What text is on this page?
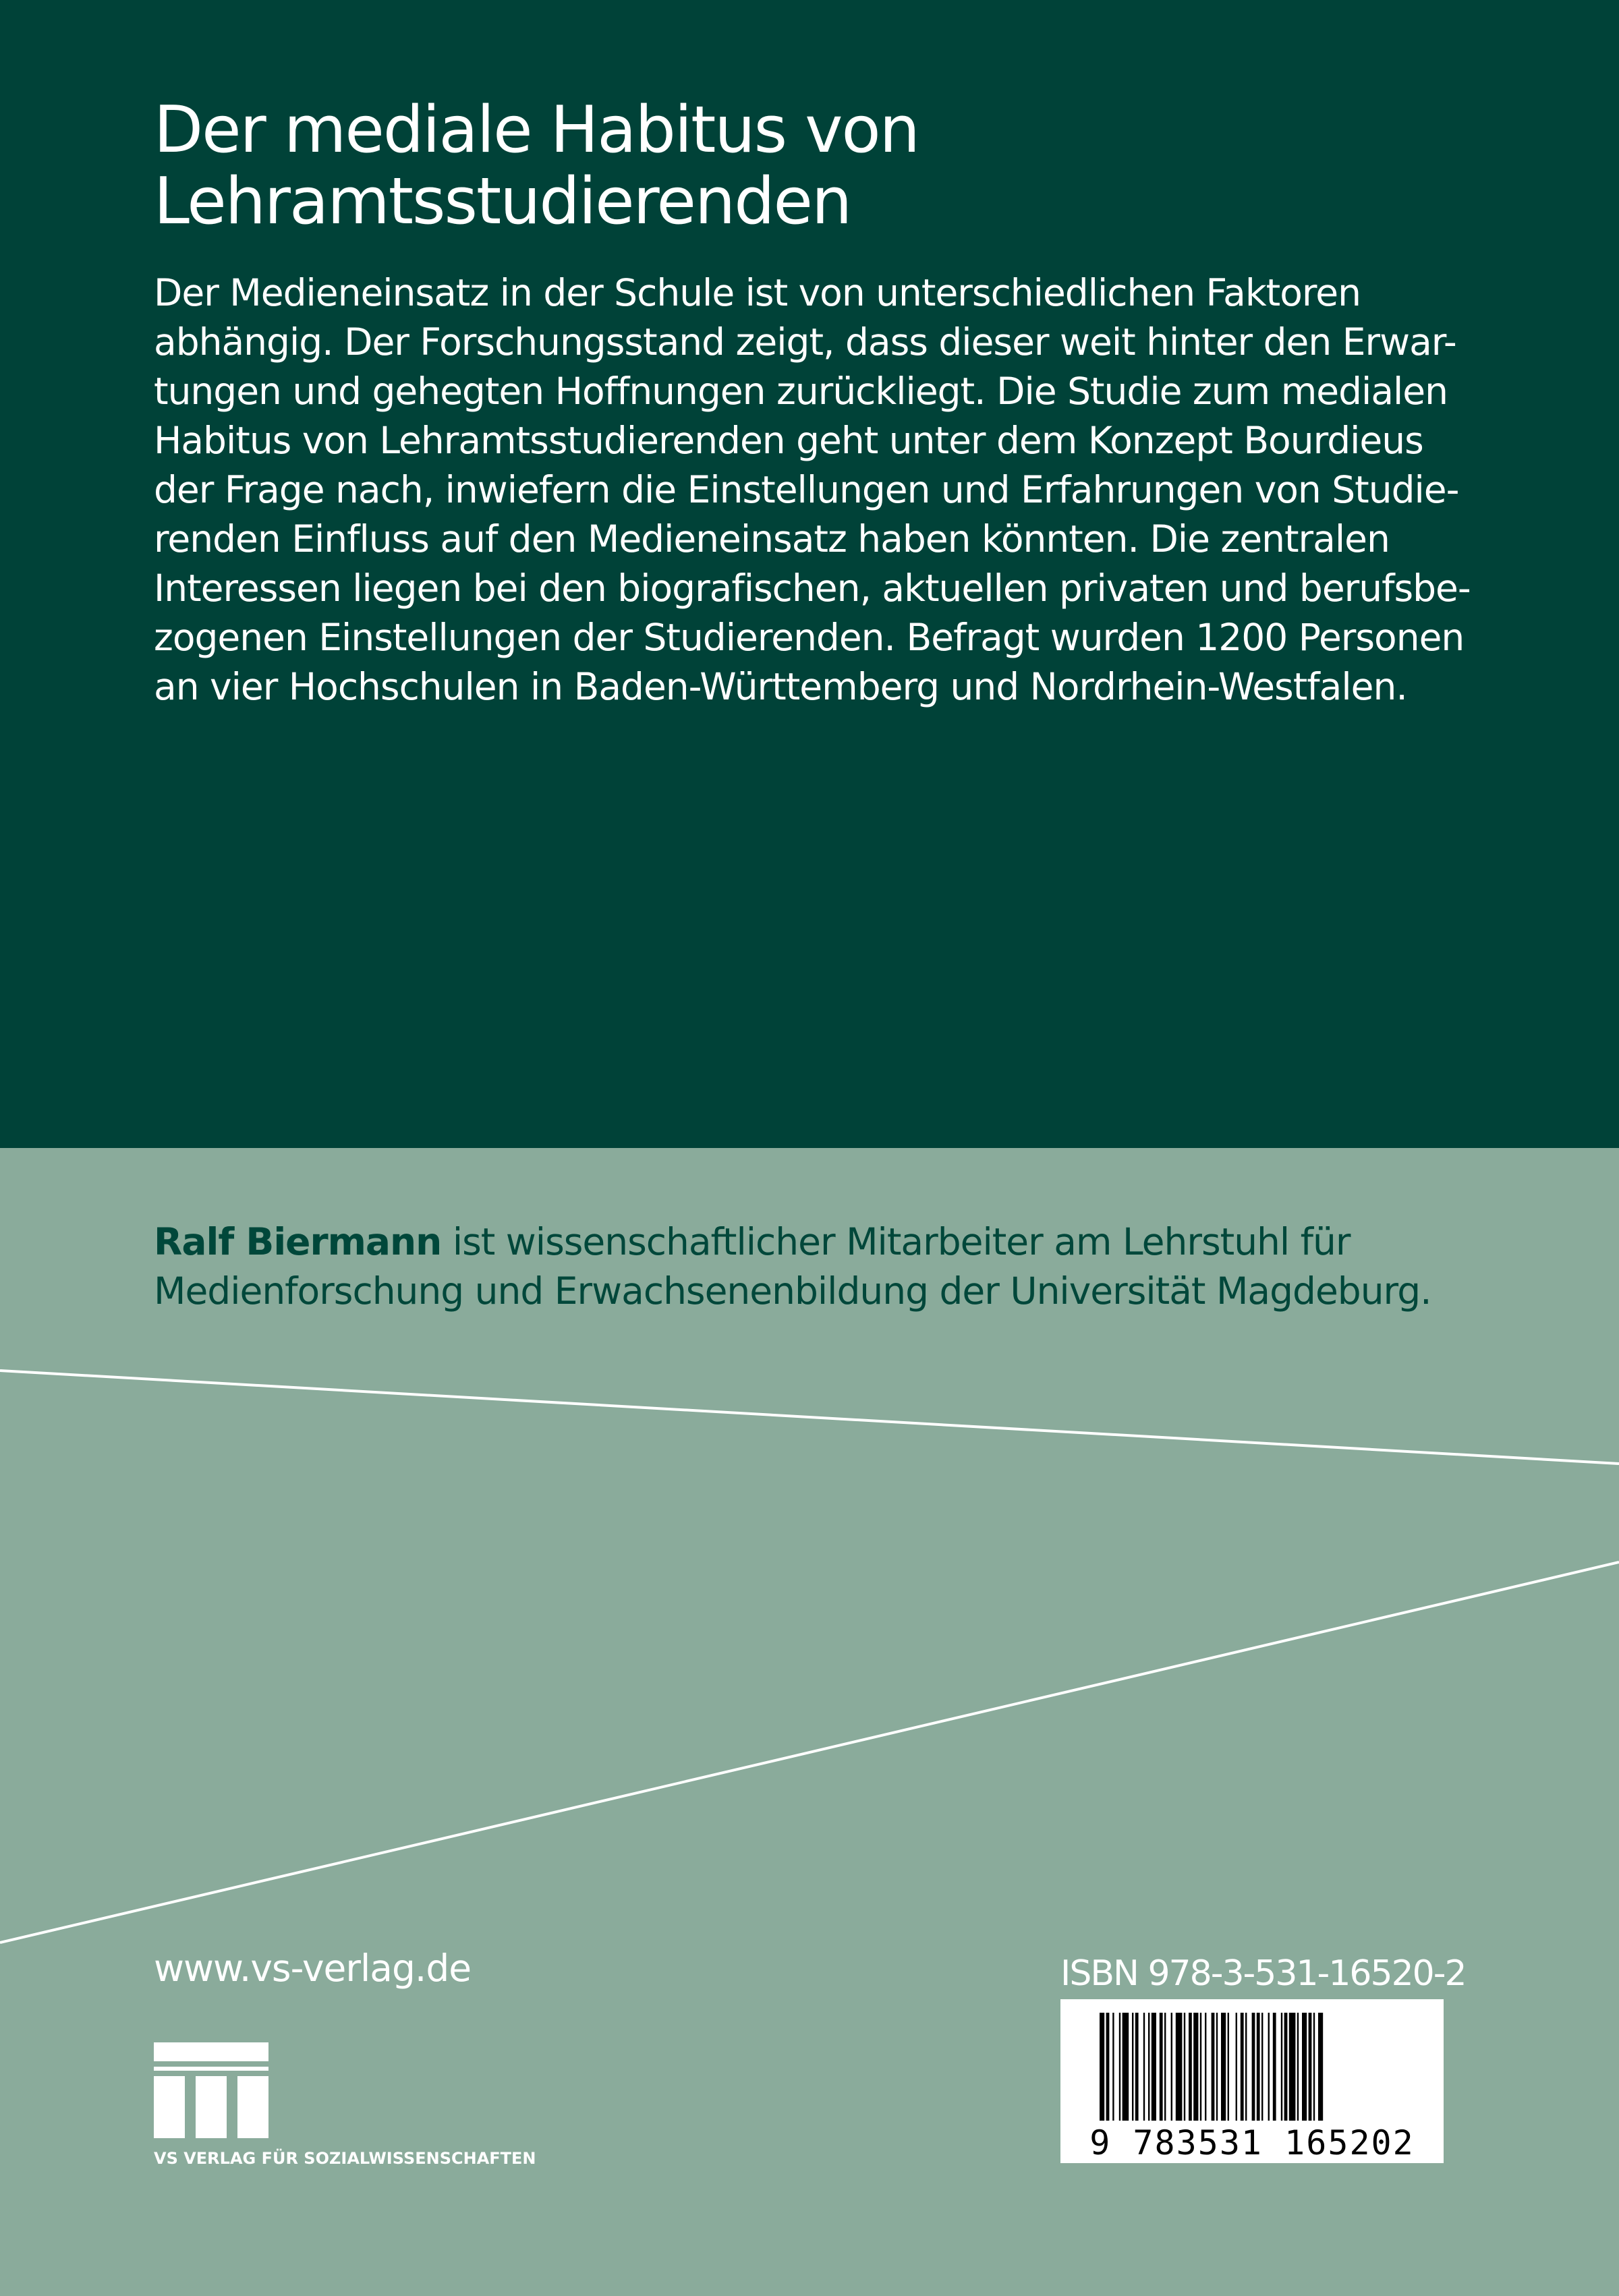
Der mediale Habitus von
Lehramtsstudierenden
Der Medieneinsatz in der Schule ist von unterschiedlichen Faktoren
abhängig. Der Forschungsstand zeigt, dass dieser weit hinter den Erwar-
tungen und gehegten Hoffnungen zurückliegt. Die Studie zum medialen
Habitus von Lehramtsstudierenden geht unter dem Konzept Bourdieus
der Frage nach, inwiefern die Einstellungen und Erfahrungen von Studie-
renden Einfluss auf den Medieneinsatz haben könnten. Die zentralen
Interessen liegen bei den biografischen, aktuellen privaten und berufsbe-
zogenen Einstellungen der Studierenden. Befragt wurden 1200 Personen
an vier Hochschulen in Baden-Württemberg und Nordrhein-Westfalen.
Ralf Biermann ist wissenschaftlicher Mitarbeiter am Lehrstuhl für
Medienforschung und Erwachsenenbildung der Universität Magdeburg.
www.vs-verlag.de
VS VERLAG FÜR SOZIALWISSENSCHAFTEN
ISBN 978-3-531-16520-2
9 783531 165202
